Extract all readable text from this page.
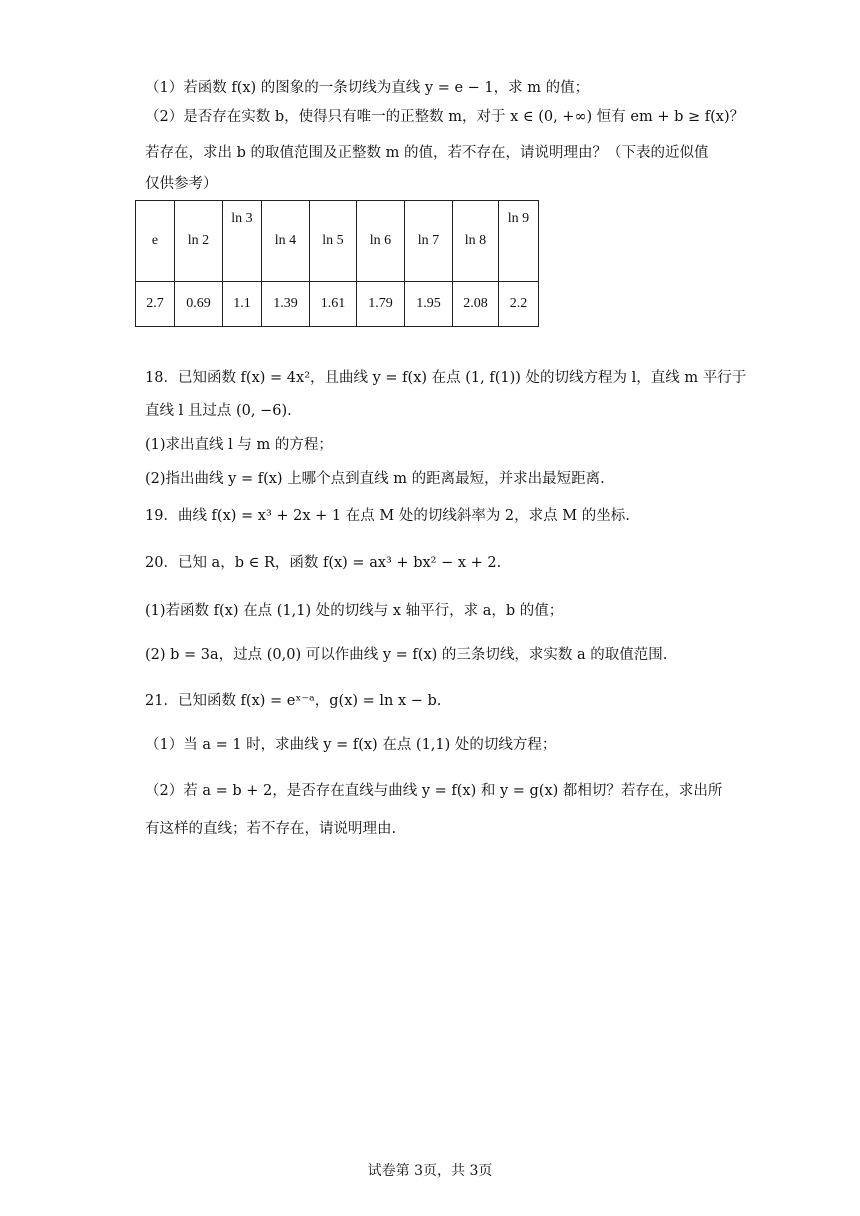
（1）若函数 f(x) 的图象的一条切线为直线 y = e − 1，求 m 的值；
（2）是否存在实数 b，使得只有唯一的正整数 m，对于 x ∈ (0, +∞) 恒有 em + b ≥ f(x)？
若存在，求出 b 的取值范围及正整数 m 的值，若不存在，请说明理由？（下表的近似值
仅供参考）
e	ln 2	ln 3	ln 4	ln 5	ln 6	ln 7	ln 8	ln 9

2.7	0.69	1.1	1.39	1.61	1.79	1.95	2.08	2.2
18．已知函数 f(x) = 4x²，且曲线 y = f(x) 在点 (1, f(1)) 处的切线方程为 l，直线 m 平行于
直线 l 且过点 (0, −6).
(1)求出直线 l 与 m 的方程；
(2)指出曲线 y = f(x) 上哪个点到直线 m 的距离最短，并求出最短距离.
19．曲线 f(x) = x³ + 2x + 1 在点 M 处的切线斜率为 2，求点 M 的坐标.
20．已知 a，b ∈ R，函数 f(x) = ax³ + bx² − x + 2.
(1)若函数 f(x) 在点 (1,1) 处的切线与 x 轴平行，求 a，b 的值；
(2) b = 3a，过点 (0,0) 可以作曲线 y = f(x) 的三条切线，求实数 a 的取值范围.
21．已知函数 f(x) = eˣ⁻ᵃ，g(x) = ln x − b.
（1）当 a = 1 时，求曲线 y = f(x) 在点 (1,1) 处的切线方程；
（2）若 a = b + 2，是否存在直线与曲线 y = f(x) 和 y = g(x) 都相切？若存在，求出所
有这样的直线；若不存在，请说明理由.
试卷第 3页，共 3页
